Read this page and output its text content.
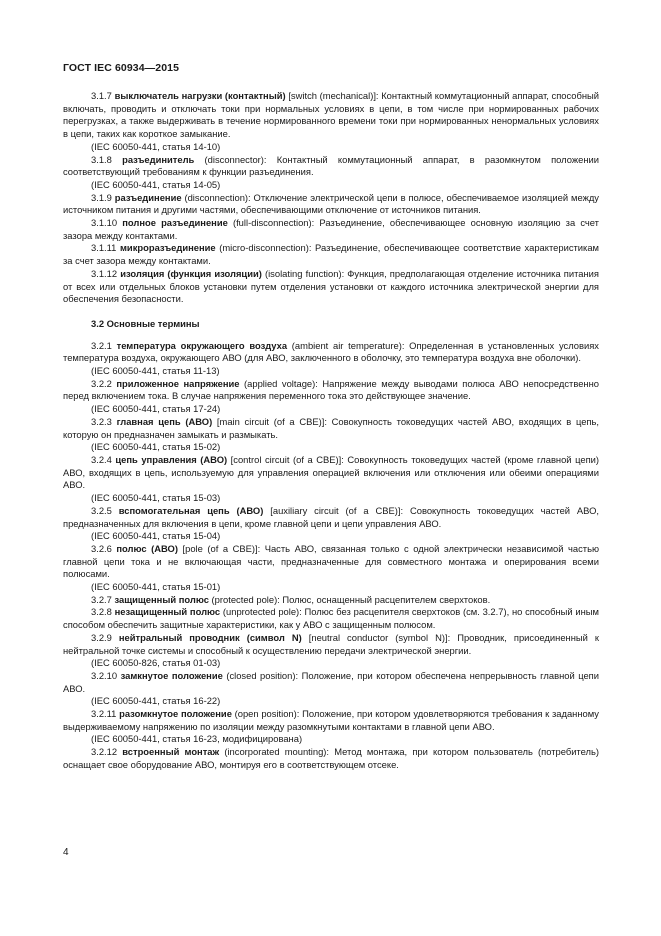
ГОСТ IEC 60934—2015
3.1.7 выключатель нагрузки (контактный) [switch (mechanical)]: Контактный коммутационный аппарат, способный включать, проводить и отключать токи при нормальных условиях в цепи, в том числе при нормированных рабочих перегрузках, а также выдерживать в течение нормированного времени токи при нормированных ненормальных условиях в цепи, таких как короткое замыкание.
(IEC 60050-441, статья 14-10)
3.1.8 разъединитель (disconnector): Контактный коммутационный аппарат, в разомкнутом положении соответствующий требованиям к функции разъединения.
(IEC 60050-441, статья 14-05)
3.1.9 разъединение (disconnection): Отключение электрической цепи в полюсе, обеспечиваемое изоляцией между источником питания и другими частями, обеспечивающими отключение от источников питания.
3.1.10 полное разъединение (full-disconnection): Разъединение, обеспечивающее основную изоляцию за счет зазора между контактами.
3.1.11 микроразъединение (micro-disconnection): Разъединение, обеспечивающее соответствие характеристикам за счет зазора между контактами.
3.1.12 изоляция (функция изоляции) (isolating function): Функция, предполагающая отделение источника питания от всех или отдельных блоков установки путем отделения установки от каждого источника электрической энергии для обеспечения безопасности.
3.2 Основные термины
3.2.1 температура окружающего воздуха (ambient air temperature): Определенная в установленных условиях температура воздуха, окружающего АВО (для АВО, заключенного в оболочку, это температура воздуха вне оболочки).
(IEC 60050-441, статья 11-13)
3.2.2 приложенное напряжение (applied voltage): Напряжение между выводами полюса АВО непосредственно перед включением тока. В случае напряжения переменного тока это действующее значение.
(IEC 60050-441, статья 17-24)
3.2.3 главная цепь (АВО) [main circuit (of a CBE)]: Совокупность токоведущих частей АВО, входящих в цепь, которую он предназначен замыкать и размыкать.
(IEC 60050-441, статья 15-02)
3.2.4 цепь управления (АВО) [control circuit (of a CBE)]: Совокупность токоведущих частей (кроме главной цепи) АВО, входящих в цепь, используемую для управления операцией включения или отключения или обеими операциями АВО.
(IEC 60050-441, статья 15-03)
3.2.5 вспомогательная цепь (АВО) [auxiliary circuit (of a CBE)]: Совокупность токоведущих частей АВО, предназначенных для включения в цепи, кроме главной цепи и цепи управления АВО.
(IEC 60050-441, статья 15-04)
3.2.6 полюс (АВО) [pole (of a CBE)]: Часть АВО, связанная только с одной электрически независимой частью главной цепи тока и не включающая части, предназначенные для совместного монтажа и оперирования всеми полюсами.
(IEC 60050-441, статья 15-01)
3.2.7 защищенный полюс (protected pole): Полюс, оснащенный расцепителем сверхтоков.
3.2.8 незащищенный полюс (unprotected pole): Полюс без расцепителя сверхтоков (см. 3.2.7), но способный иным способом обеспечить защитные характеристики, как у АВО с защищенным полюсом.
3.2.9 нейтральный проводник (символ N) [neutral conductor (symbol N)]: Проводник, присоединенный к нейтральной точке системы и способный к осуществлению передачи электрической энергии.
(IEC 60050-826, статья 01-03)
3.2.10 замкнутое положение (closed position): Положение, при котором обеспечена непрерывность главной цепи АВО.
(IEC 60050-441, статья 16-22)
3.2.11 разомкнутое положение (open position): Положение, при котором удовлетворяются требования к заданному выдерживаемому напряжению по изоляции между разомкнутыми контактами в главной цепи АВО.
(IEC 60050-441, статья 16-23, модифицирована)
3.2.12 встроенный монтаж (incorporated mounting): Метод монтажа, при котором пользователь (потребитель) оснащает свое оборудование АВО, монтируя его в соответствующем отсеке.
4
